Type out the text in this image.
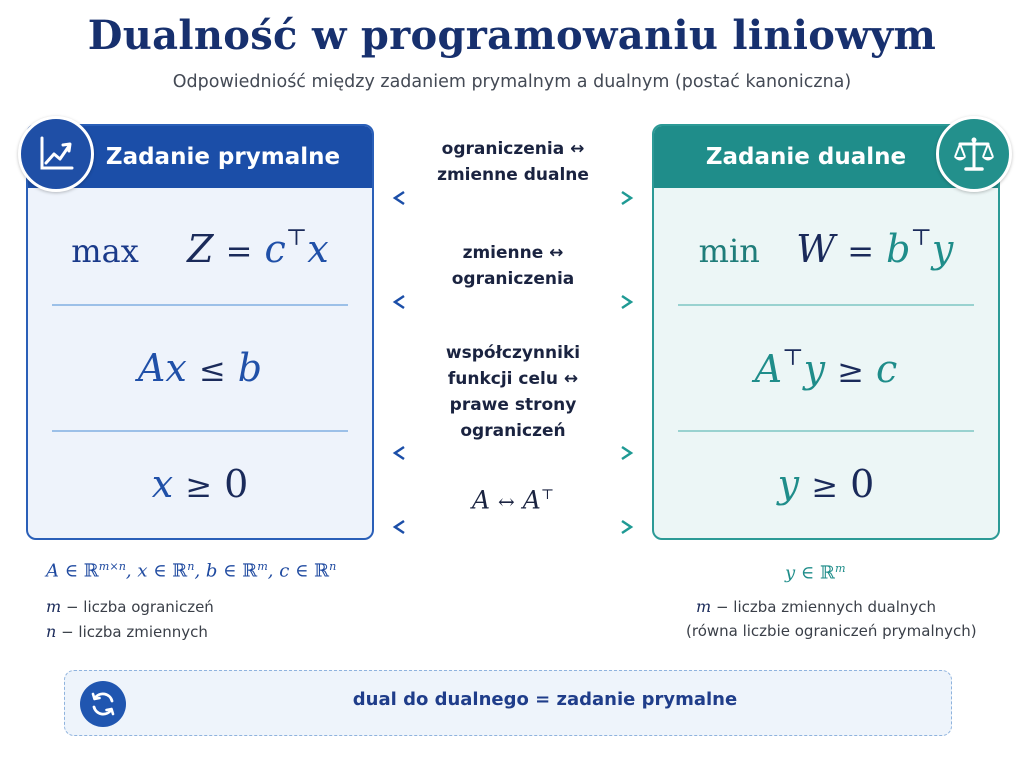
Dualność w programowaniu liniowym
Odpowiedniość między zadaniem prymalnym a dualnym (postać kanoniczna)
Zadanie prymalne
max Z = c⊤x
Ax ≤ b
x ≥ 0
Zadanie dualne
min W = b⊤y
A⊤y ≥ c
y ≥ 0
ograniczenia ↔
zmienne dualne
zmienne ↔
ograniczenia
współczynniki
funkcji celu ↔
prawe strony
ograniczeń
A ↔ A⊤
A ∈ ℝ$^{m\times n}$, x ∈ ℝ$^n$, b ∈ ℝ$^m$, c ∈ ℝ$^n$
m − liczba ograniczeń
n − liczba zmiennych
y ∈ ℝ$^m$
m − liczba zmiennych dualnych
(równa liczbie ograniczeń prymalnych)
dual do dualnego = zadanie prymalne
